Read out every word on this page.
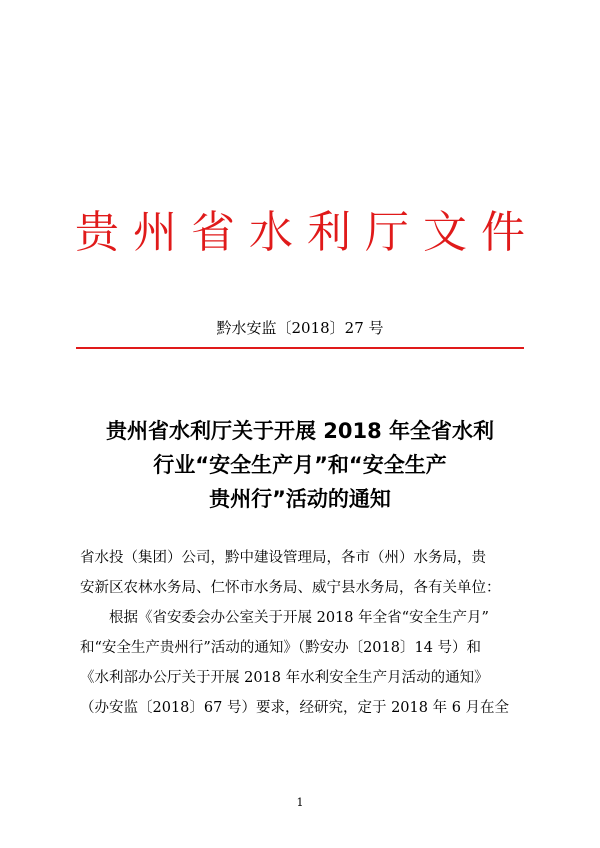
贵州省水利厅文件
黔水安监〔2018〕27 号
贵州省水利厅关于开展 2018 年全省水利
行业“安全生产月”和“安全生产
贵州行”活动的通知
省水投（集团）公司，黔中建设管理局，各市（州）水务局，贵
安新区农林水务局、仁怀市水务局、威宁县水务局，各有关单位：
根据《省安委会办公室关于开展 2018 年全省“安全生产月”
和“安全生产贵州行”活动的通知》（黔安办〔2018〕14 号）和
《水利部办公厅关于开展 2018 年水利安全生产月活动的通知》
（办安监〔2018〕67 号）要求，经研究，定于 2018 年 6 月在全
1
